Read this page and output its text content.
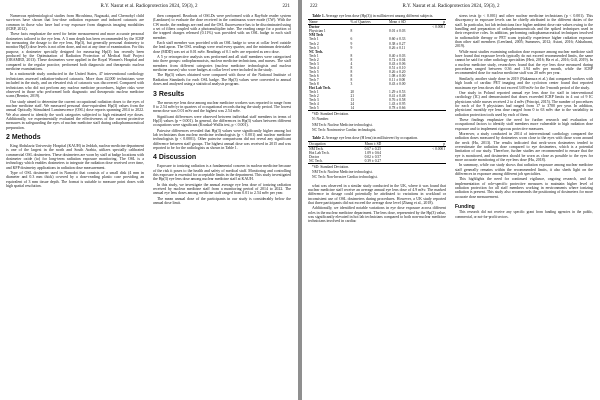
R.Y. Nasrat et al. Radioprotection 2024, 59(3), 2	221

Numerous epidemiological studies from Hiroshima, Nagasaki, and Chernobyl child survivors have shown that low-dose radiation exposure and induced cataracts are common in those who have had x-ray exposure from diagnosis imaging modalities (ICRP, 2012).

These facts emphasize the need for better measurement and more accurate personal dosimeters tailored to the eye lens. A 3 mm depth has been recommended by the ICRP for measuring the dosage to the eye lens, Hp(3), but generally personal dosimetry to monitor Hp(3) dose levels is not often done, and not at any time of examination. For this purpose, a dosimeter specially designed for measuring Hp(3) has recently been produced by the Optimization of Radiation Protection of Medical Staff Project (ORAMED, 2013). These dosimeters were applied in the Royal Women's Hospital and compared to the regular practice, performed both diagnostic and therapeutic nuclear medicine examinations.

In a nationwide study conducted in the United States, 47 interventional cardiology technicians assessed radiation-induced cataracts. More than 42,000 technicians were included in the study, and an elevated risk of cataracts was discovered. Compared with technicians who did not perform any nuclear medicine procedures, higher risks were observed in those who performed both diagnostic and therapeutic nuclear medicine scans (Bernier, 2019).

Our study aimed to determine the current occupational radiation doses to the eyes of nuclear medicine staff. We measured personal dose-equivalent Hp(3) values from the annual Optically Stimulated Luminescence (OSL) dose reports spanning 2014 to 2022. We also aimed to identify the work categories subjected to high estimated eye doses. Additionally, we experimentally evaluated the effectiveness of the current protective measures in safeguarding the eyes of nuclear medicine staff during radiopharmaceutical preparation.

2 Methods

King Abdulaziz University Hospital (KAUH) in Jeddah, nuclear medicine department is one of the largest in the north and South Arabia, utilizes specially calibrated commercial OSL dosimeters. These dosimeters are worn by staff at badge locations with dosimeter oxide (to) for long-term radiation exposure monitoring. The OSL is a technology which enables dosimeters to integrate the radiation dose received over time, and KFP dosimetry applications in radiation dose measurement.

Type of OSL dosimeter used in Nanodot that consists of a small disk (4 mm in diameter and 0.3 mm thick) covered by a dose-reading plastic case providing an equivalent of 3 mm tissue depth. The format is suitable to measure point doses with high spatial resolution.

then compared. Readouts of OSLDs were performed with a RaySafe reader system (Landauer) to evaluate the dose received in the continuous wave mode (CW). With the CW mode, the readings are read and the OSL fluorescence has to be discriminated using a set of filters coupled with a photomultiplier tube. The reading range for a portion of the trapped charges released (0.11%) was provided with an OSL badge to each staff member.

Each staff member was provided with an OSL badge to wear at collar level outside the lead apron. The OSL readings were read every quarter, and the minimum detectable dose (MDD) was set at 0.01 mSv. Readings of 0.1 mSv are reported as zero dose.

A 5 yr retrospective analysis was performed and all staff members were categorized into three groups: radiopharmacists, nuclear medicine technicians, and nurses. The staff members from different categories (nuclear medicine technologists and nuclear medicine nurses) who wore badges at collar level were included in the study.

The Hp(3) values obtained were compared with those of the National Institute of Radiation Standards for each OSL badge. The Hp(3) values were converted to annual doses and analyzed using a statistical analysis program.

3 Results

The mean eye lens dose among nuclear medicine workers was reported to range from 0 to 2.54 mSv/yr in quarters of occupational records during the study period. The lowest mean dose was 0.01 mSv and the highest was 2.54 mSv.

Significant differences were observed between individual staff members in terms of Hp(3) values (p = 0.001). In general, the differences in Hp(3) values between different occupations were significant (Kruskal-Wallis test, p < 0.001).

Pairwise differences revealed that Hp(3) values were significantly higher among hot lab technicians than nuclear medicine technologists (p < 0.001) and nuclear medicine technologists (p < 0.0001). Other pairwise comparisons did not reveal any significant difference between staff groups. The highest annual dose was received in 2015 and was reported to be for the radiologists as shown in Table 1.

4 Discussion

Exposure to ionizing radiation is a fundamental concern in nuclear medicine because of the risk it poses to the health and safety of medical staff. Monitoring and controlling this exposure is essential for acceptable limits in the department. This study investigated the Hp(3) eye lens dose among nuclear medicine staff at KAUH.

In this study, we investigate the annual average eye lens dose of ionizing radiation received by nuclear medicine staff from a monitoring period of 2014 to 2022. The annual eye lens doses among medicine staff ranged from 0.01 to 2.54 mSv per year.

The mean annual dose of the participants in our study is considerably below the annual dose limit.

222	R.Y. Nasrat et al. Radioprotection 2024, 59(3), 2

Table 1. Average eye lens dose (Hp(3)) in millisievert among different subjects.

Name	% of Quarters	Mean ± SD	p
Doctor			< 0.0001
Physician 1	8	0.01 ± 0.03	
NM Tech			
Tech 1	6	0.60 ± 0.33	
Tech 2	9	0.38 ± 0.27	
Tech 3	9	0.26 ± 0.11	
NC Tech.			
Tech 1	8	0.40 ± 0.03	
Tech 2	8	0.72 ± 0.04	
Tech 3	4	0.43 ± 0.06	
Tech 4	8	0.51 ± 0.10	
Tech 5	8	0.26 ± 0.20	
Tech 6	8	1.08 ± 0.00	
Tech 7	8	0.11 ± 0.00	
Tech 8	3	0.43 ± 0.00	
Hot Lab Tech.			
Tech 1	20	1.29 ± 0.53	
Tech 2	21	0.41 ± 0.48	
Tech 3	13	0.76 ± 0.58	
Tech 4	24	1.43 ± 0.95	
Tech 5	14	0.78 ± 0.66	

*SD: Standard Deviation.

N: Number.

NM Tech: Nuclear Medicine technologist.

NC Tech: Noninvasive Cardiac technologist.

Table 2. Average eye lens dose (H lens) in millisievert by occupation.

Occupation	Mean ± SD	p
NM Tech.	0.67 ± 0.25	< 0.0001
Hot Lab Tech.	1.09 ± 0.64	
Doctor	0.02 ± 0.57	
NC Tech.	0.39 ± 0.27	

*SD: Standard Deviation.

NM Tech: Nuclear Medicine technologist.

NC Tech: Non-Invasive Cardiac technologist.

what was observed in a similar study conducted in the UK, where it was found that nuclear medicine staff receive an average annual eye lens dose of 4.9 mSv. The marked difference in dosage could potentially be attributed to variations in workload or inconsistent use of OSL dosimeters during procedures. However, a UK study reported that three participants did not exceed the average dose level (Zhang et al., 2018).

Additionally, we identified notable variations in eye dose exposure across different roles in the nuclear medicine department. The lens dose, represented by the Hp(3) value, was significantly elevated in hot lab technicians compared to both non-nuclear medicine technicians involved in cardiac

stress tests (p < 0.001) and other nuclear medicine technicians (p < 0.001). This discrepancy in exposure levels can be chiefly attributed to the different duties of the staff. In particular, hot lab technicians face higher ambient dose rate values owing to the handling and preparation of radiopharmaceuticals and the spiked techniques used in their respective roles. In addition, performing radiopharmaceutical techniques involved in radionuclide therapy or PET scans typically experience higher radiation exposure than other staff members (Leerland, 2005; Summers, 2012; Astari, 2016; Alshahrani, 2019).

While most studies examining radiation dose exposure among nuclear medicine staff have found that exposure levels typically do not exceed recommended limits, the same cannot be said for other radiology specialties (Heit, 2016; Ha et al., 2016; Gill, 2019). In a nuclear medicine study, researchers found that the eye lens dose measured during procedures ranged between 0.36 and 1.94 mSv per month, while the ICRP recommended dose for nuclear medicine staff was 20 mSv per year.

Similarly, another study done in 2019 (Nakamura et al.) that compared workers with high loads of cardiac PET imaging and the cyclotron center found that reported maximum eye lens doses did not exceed 3.69 mSv for the 3-month period of the study.

One study in Poland reported annual eye lens dose for staff in interventional cardiology (IC) and demonstrated that doses exceeded ICRP limits in 4 out of 9 IC physicians while nurses received 2 to 4 mSv (Principi, 2015). The number of procedures for each of the 9 physicians had ranged from 17 to 3700 per year. In addition, physicians' monthly eye lens dose ranged from 0 to 63 mSv due to the variability in radiation protection tools used by each of them.

These findings emphasize the need for further research and evaluation of occupational factors to identify staff members more vulnerable to high radiation dose exposure and to implement rigorous protective measures.

Moreover, a study conducted in 2014 of interventional cardiology compared the radiation doses measured by dosimeters worn close to the eyes with those worn around the neck (Hu, 2013). The results indicated that neck-worn dosimeters tended to overestimate the radiation dose compared to eye dosimeters, which is a potential limitation of our study. Therefore, further studies are recommended to ensure that the eye is monitored, and dosimeters should be worn as close as possible to the eyes for more accurate monitoring of the eye lens dose (Hu, 2018).

In summary, while our study shows that radiation exposure among nuclear medicine staff generally remains within the recommended limits, it also sheds light on the differences in exposure among different job specialties.

This highlights the need for continued vigilance, ongoing research, and the implementation of role-specific protective measures to maintain higher level of radiation protection for all staff members working in environments where ionizing radiation is present. This study also recommends the positioning of dosimeters for more accurate dose measurement.

Funding

This research did not receive any specific grant from funding agencies in the public, commercial, or not-for-profit sectors.
